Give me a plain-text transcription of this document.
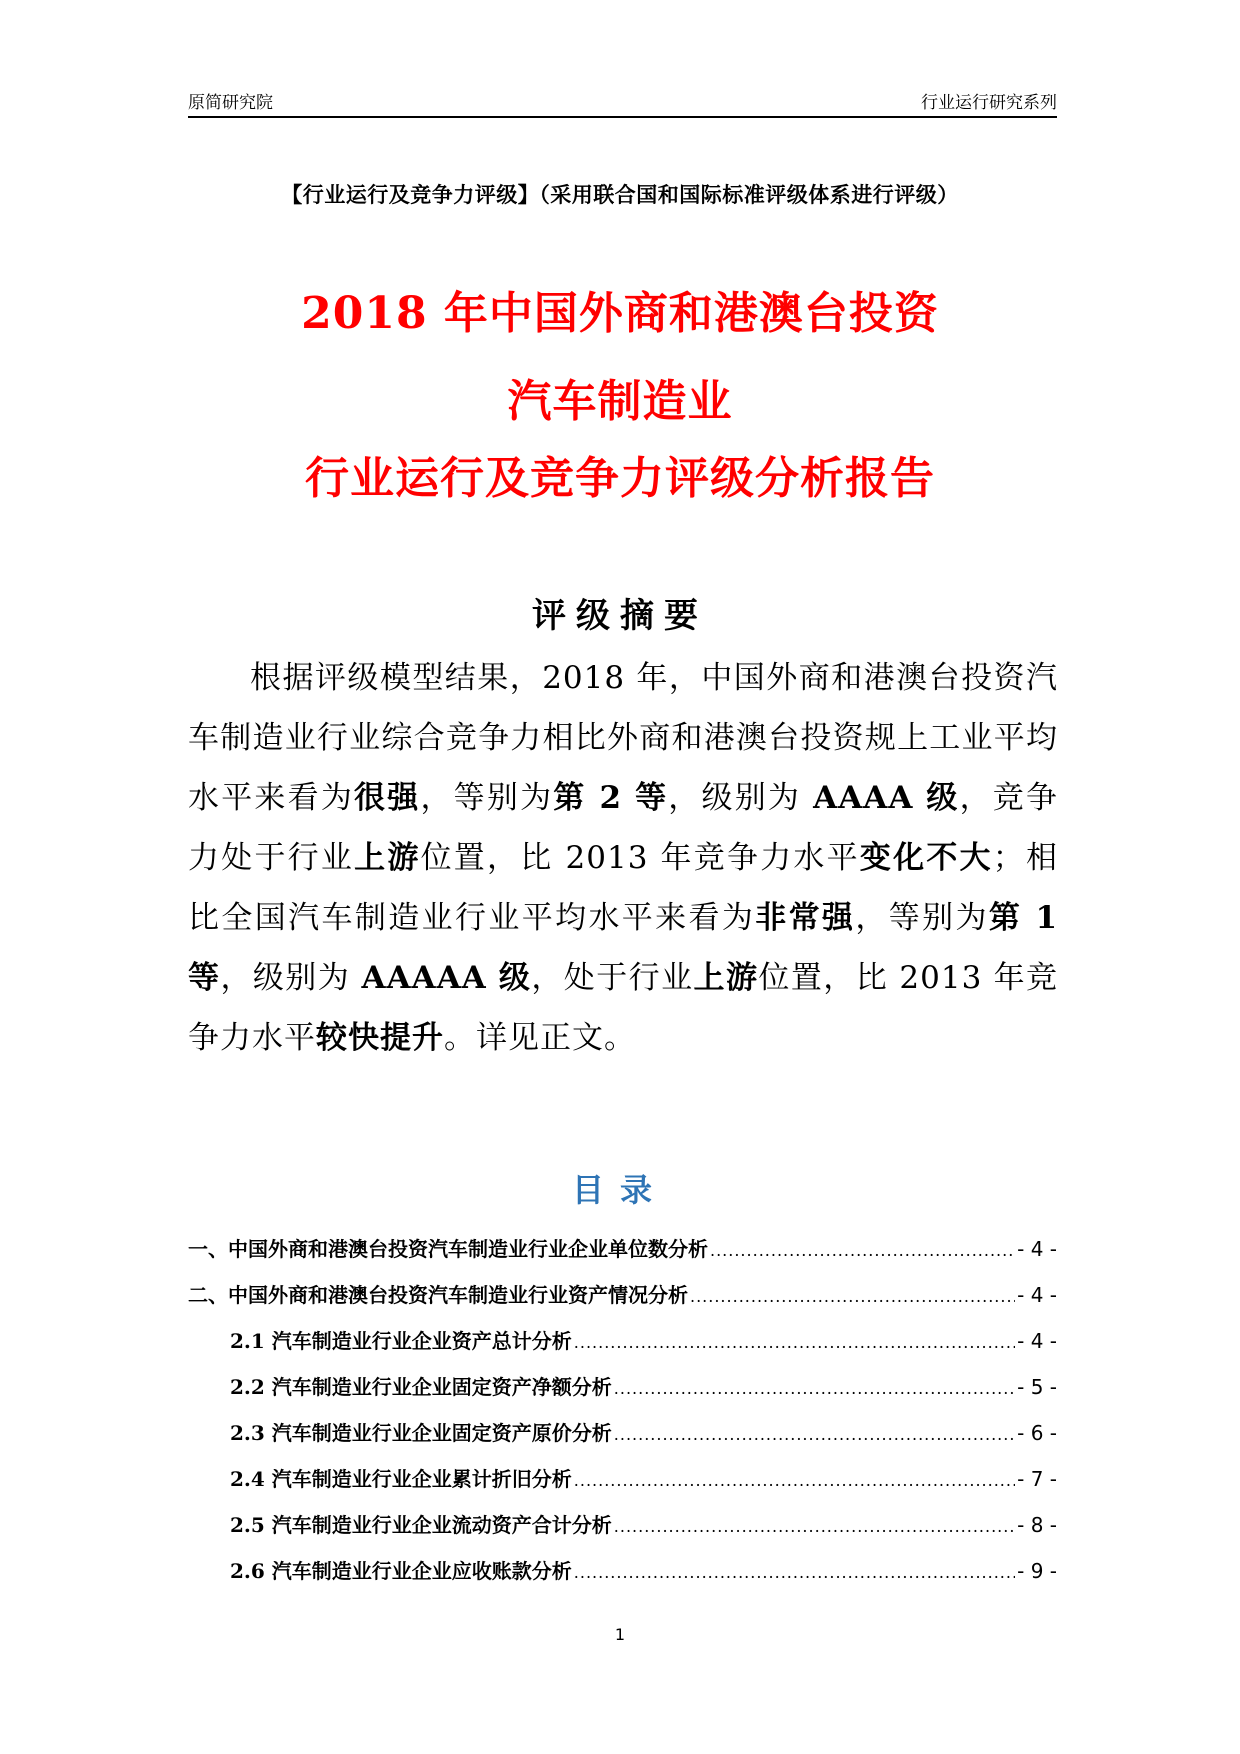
原简研究院	行业运行研究系列
【行业运行及竞争力评级】（采用联合国和国际标准评级体系进行评级）
2018 年中国外商和港澳台投资
汽车制造业
行业运行及竞争力评级分析报告
评级摘要

根据评级模型结果，2018 年，中国外商和港澳台投资汽车制造业行业综合竞争力相比外商和港澳台投资规上工业平均水平来看为很强，等别为第 2 等，级别为 AAAA 级，竞争力处于行业上游位置，比 2013 年竞争力水平变化不大；相比全国汽车制造业行业平均水平来看为非常强，等别为第 1 等，级别为 AAAAA 级，处于行业上游位置，比 2013 年竞争力水平较快提升。详见正文。

目录
一、中国外商和港澳台投资汽车制造业行业企业单位数分析 .....	- 4 -
二、中国外商和港澳台投资汽车制造业行业资产情况分析 .....	- 4 -
2.1 汽车制造业行业企业资产总计分析 .....	- 4 -
2.2 汽车制造业行业企业固定资产净额分析 .....	- 5 -
2.3 汽车制造业行业企业固定资产原价分析 .....	- 6 -
2.4 汽车制造业行业企业累计折旧分析 .....	- 7 -
2.5 汽车制造业行业企业流动资产合计分析 .....	- 8 -
2.6 汽车制造业行业企业应收账款分析 .....	- 9 -
1
